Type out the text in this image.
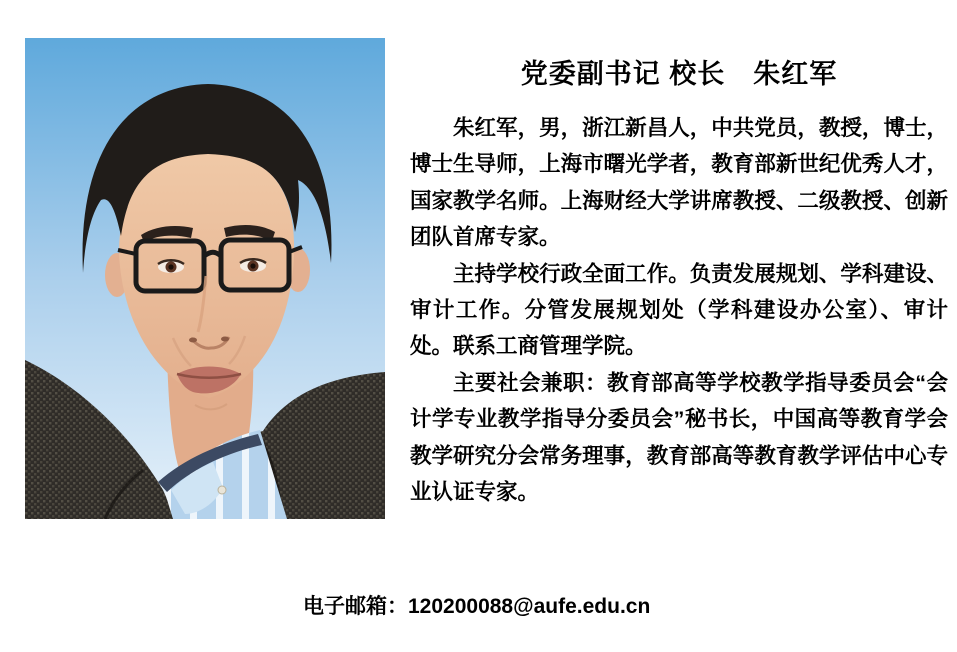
党委副书记 校长　朱红军

朱红军，男，浙江新昌人，中共党员，教授，博士，博士生导师，上海市曙光学者，教育部新世纪优秀人才，国家教学名师。上海财经大学讲席教授、二级教授、创新团队首席专家。

主持学校行政全面工作。负责发展规划、学科建设、审计工作。分管发展规划处（学科建设办公室）、审计处。联系工商管理学院。

主要社会兼职：教育部高等学校教学指导委员会“会计学专业教学指导分委员会”秘书长，中国高等教育学会教学研究分会常务理事，教育部高等教育教学评估中心专业认证专家。

电子邮箱：120200088@aufe.edu.cn
